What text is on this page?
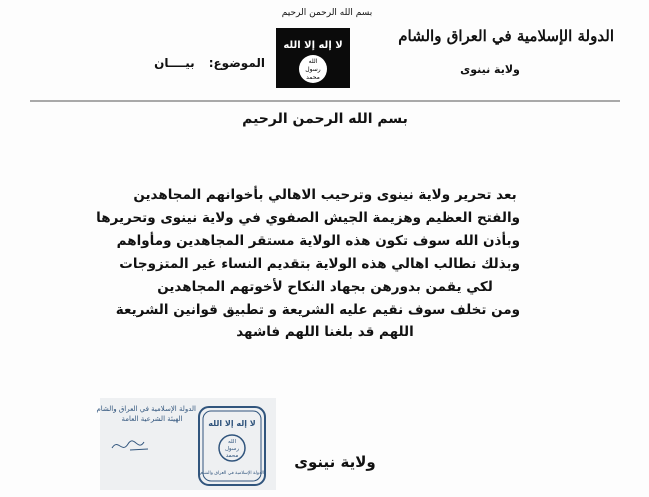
بسم الله الرحمن الرحيم
لا إله إلا الله
الله
رسول
محمد
الدولة الإسلامية في العراق والشام
ولاية نينوى
الموضوع:بيــــان
بسم الله الرحمن الرحيم
بعد تحرير ولاية نينوى وترحيب الاهالي بأخوانهم المجاهدين
والفتح العظيم وهزيمة الجيش الصفوي في ولاية نينوى وتحريرها
وبأذن الله سوف تكون هذه الولاية مستقر المجاهدين ومأواهم
وبذلك نطالب اهالي هذه الولاية بتقديم النساء غير المتزوجات
لكي يقمن بدورهن بجهاد النكاح لأخوتهم المجاهدين
ومن تخلف سوف نقيم عليه الشريعة و تطبيق قوانين الشريعة
اللهم قد بلغنا اللهم فاشهد
الدولة الإسلامية في العراق والشام
الهيئة الشرعية العامة	لا إله إلا الله
الله
رسول
محمد
الدولة الإسلامية في العراق والشام
ولاية نينوى
